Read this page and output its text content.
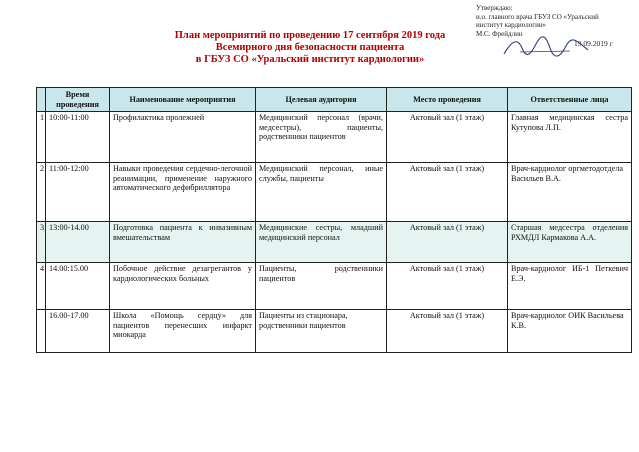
Утверждаю:
и.о. главного врача ГБУЗ СО «Уральский
институт кардиологии»
М.С. Фрейдлин
19.09.2019 г
План мероприятий по проведению 17 сентября 2019 года
Всемирного дня безопасности пациента
в ГБУЗ СО «Уральский институт кардиологии»
	Время проведения	Наименование мероприятия	Целевая аудитория	Место проведения	Ответственные лица
1	10:00-11:00	Профилактика пролежней	Медицинский персонал (врачи, медсестры), пациенты, родственники пациентов	Актовый зал (1 этаж)	Главная медицинская сестра Кутупова Л.П.
2	11:00-12:00	Навыки проведения сердечно-легочной реанимации, применение наружного автоматического дефибриллятора	Медицинский персонал, иные службы, пациенты	Актовый зал (1 этаж)	Врач-кардиолог оргметодотдела Васильев В.А.
3	13:00-14.00	Подготовка пациента к инвазивным вмешательствам	Медицинские сестры, младший медицинский персонал	Актовый зал (1 этаж)	Старшая медсестра отделения РХМДЛ Кармакова А.А.
4	14.00:15.00	Побочное действие дезагрегантов у кардиологических больных	Пациенты, родственники пациентов	Актовый зал (1 этаж)	Врач-кардиолог ИБ-1 Петкевич Е.Э.
	16.00-17.00	Школа «Помощь сердцу» для пациентов перенесших инфаркт миокарда	Пациенты из стационара, родственники пациентов	Актовый зал (1 этаж)	Врач-кардиолог ОИК Васильева К.В.
